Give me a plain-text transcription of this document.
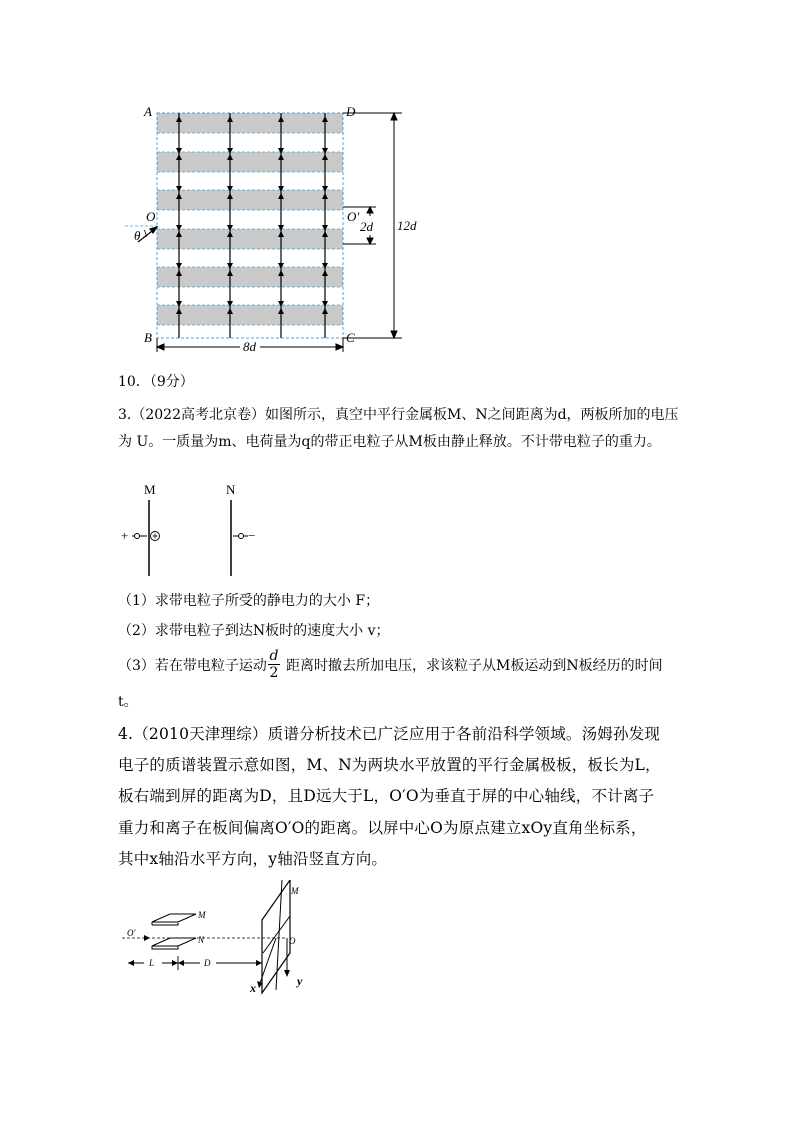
A	D
B	C
O	O′
θ
12d
2d
8d
10．（9分）
3.（2022高考北京卷）如图所示，真空中平行金属板M、N之间距离为d，两板所加的电压
为 U。一质量为m、电荷量为q的带正电粒子从M板由静止释放。不计带电粒子的重力。
M	N
+	−
（1）求带电粒子所受的静电力的大小 F；
（2）求带电粒子到达N板时的速度大小 v；
（3）若在带电粒子运动
d
2 距离时撤去所加电压，求该粒子从M板运动到N板经历的时间
t。
4.（2010天津理综）质谱分析技术已广泛应用于各前沿科学领域。汤姆孙发现
电子的质谱装置示意如图，M、N为两块水平放置的平行金属极板，板长为L，
板右端到屏的距离为D，且D远大于L，O′O为垂直于屏的中心轴线，不计离子
重力和离子在板间偏离O′O的距离。以屏中心O为原点建立xOy直角坐标系，
其中x轴沿水平方向，y轴沿竖直方向。
M
N
O′
L	D
O
M
x	y
